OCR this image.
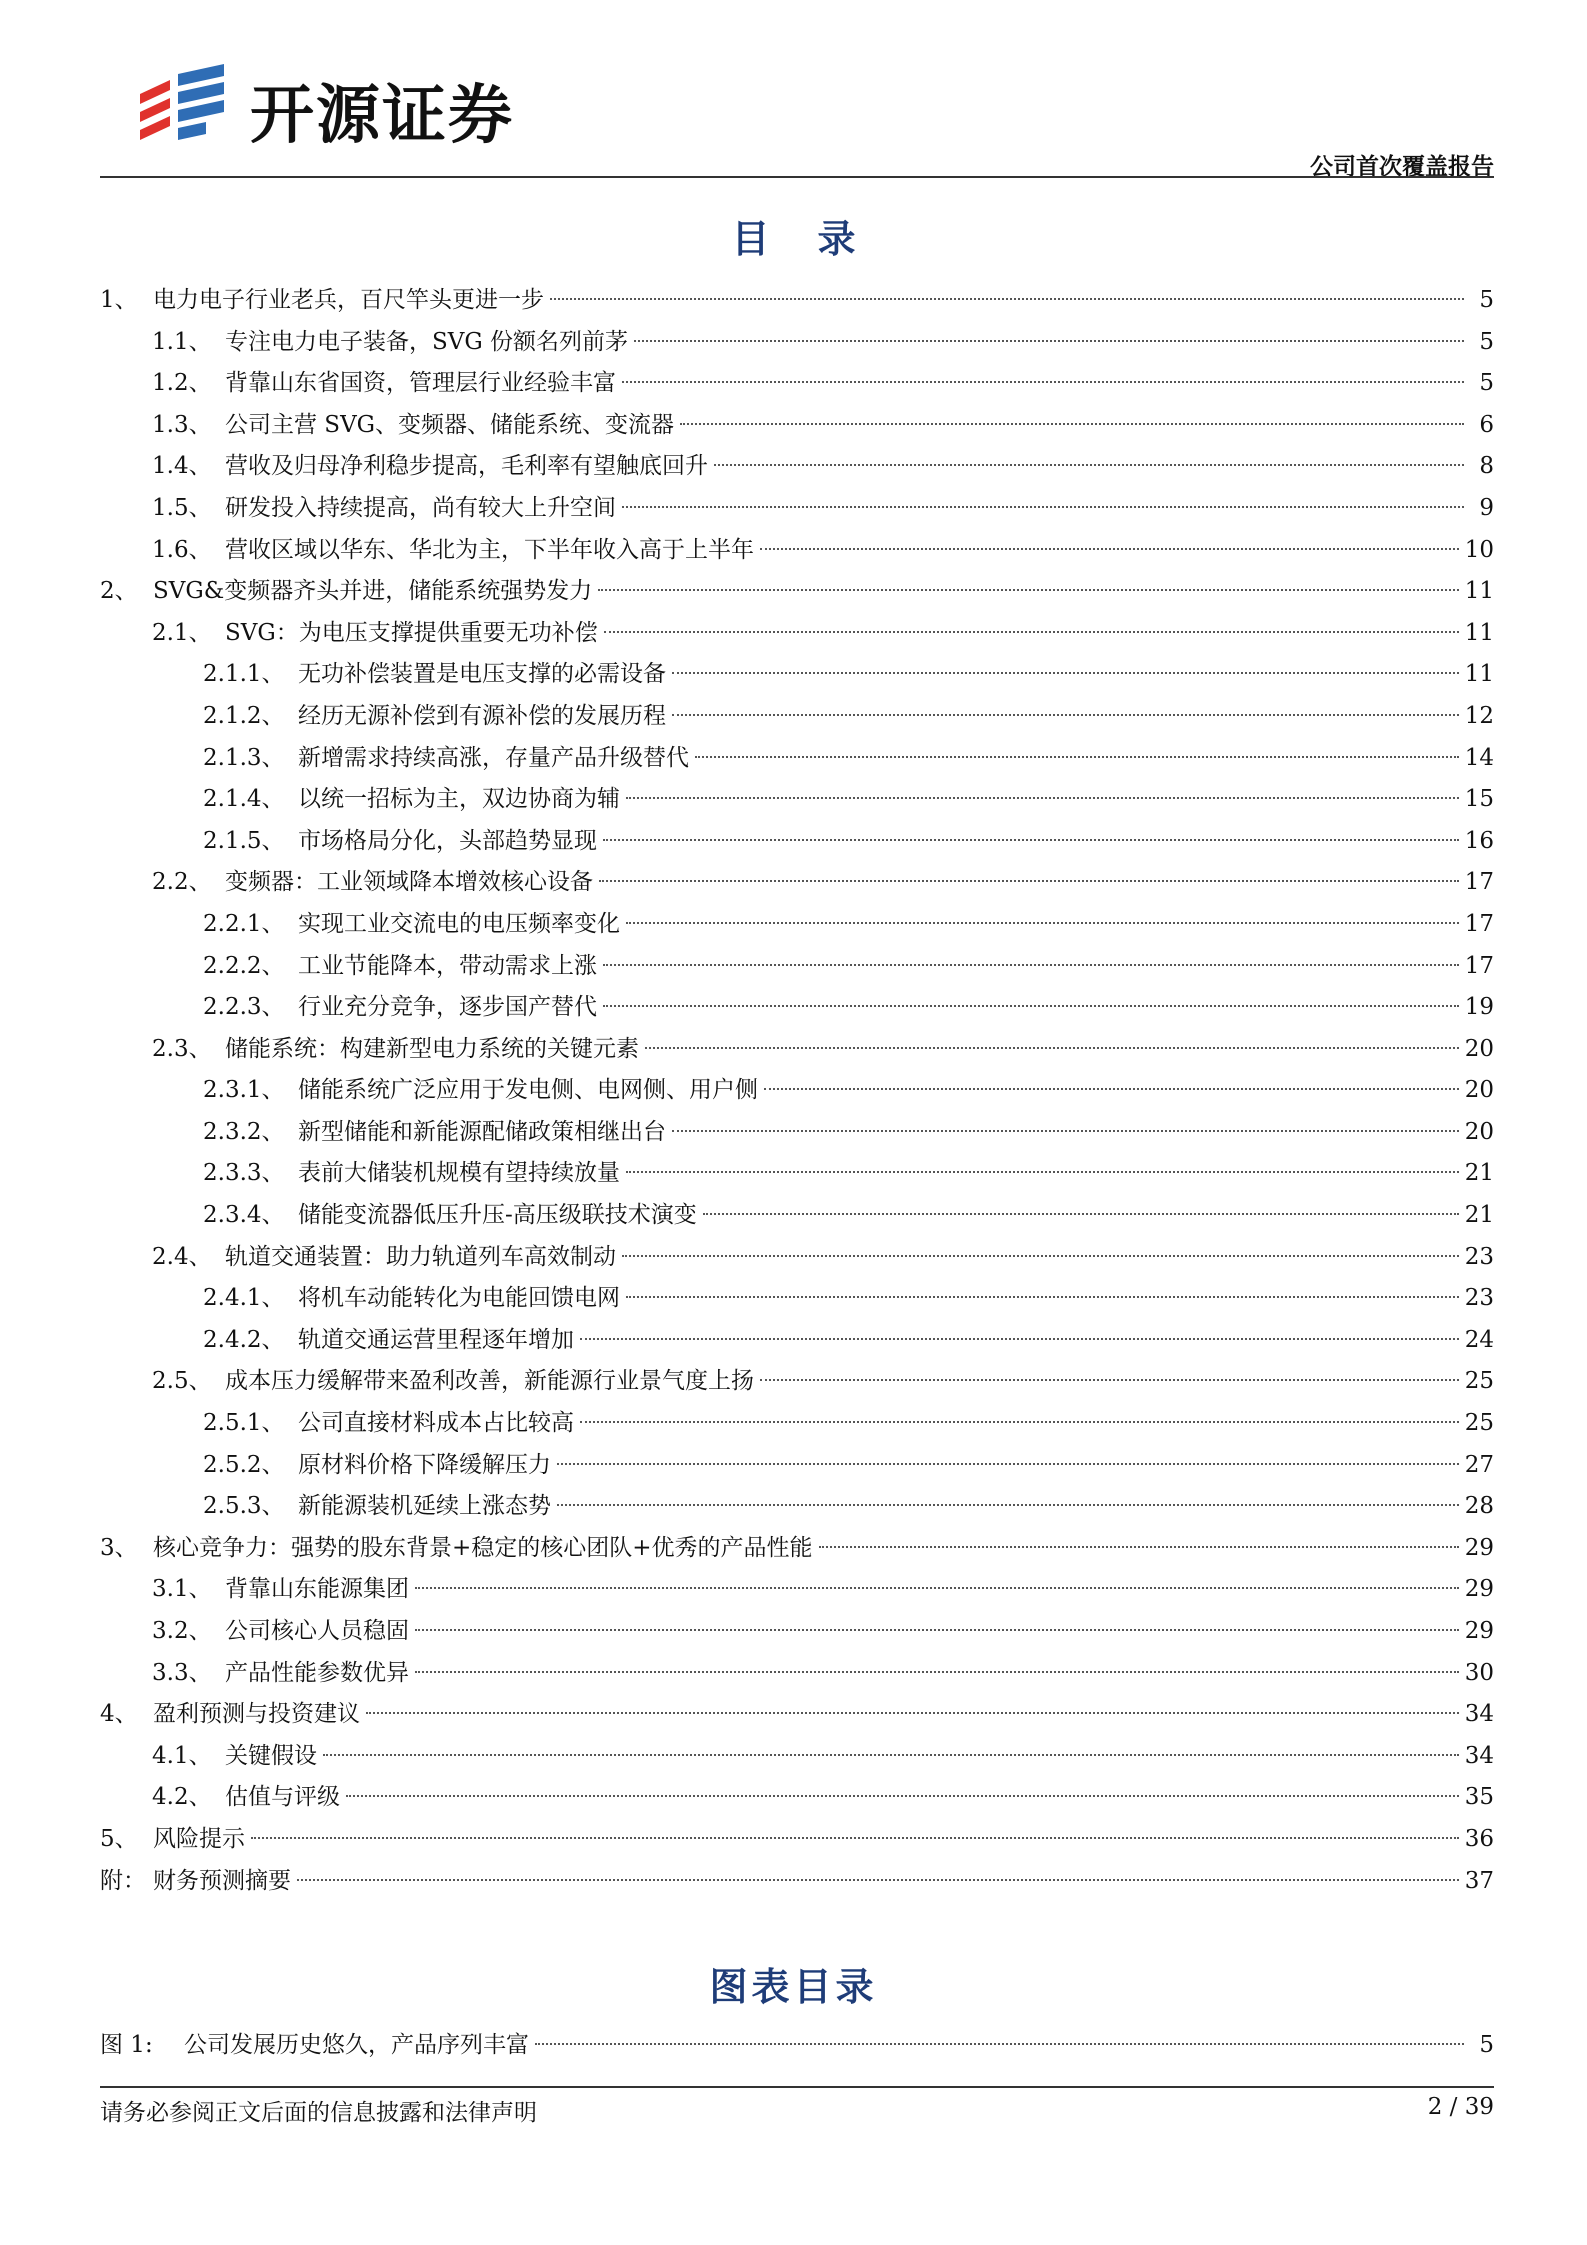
开源证券
公司首次覆盖报告
目录
1、 电力电子行业老兵，百尺竿头更进一步	5
1.1、 专注电力电子装备，SVG 份额名列前茅	5
1.2、 背靠山东省国资，管理层行业经验丰富	5
1.3、 公司主营 SVG、变频器、储能系统、变流器	6
1.4、 营收及归母净利稳步提高，毛利率有望触底回升	8
1.5、 研发投入持续提高，尚有较大上升空间	9
1.6、 营收区域以华东、华北为主，下半年收入高于上半年	10
2、 SVG&变频器齐头并进，储能系统强势发力	11
2.1、 SVG：为电压支撑提供重要无功补偿	11
2.1.1、 无功补偿装置是电压支撑的必需设备	11
2.1.2、 经历无源补偿到有源补偿的发展历程	12
2.1.3、 新增需求持续高涨，存量产品升级替代	14
2.1.4、 以统一招标为主，双边协商为辅	15
2.1.5、 市场格局分化，头部趋势显现	16
2.2、 变频器：工业领域降本增效核心设备	17
2.2.1、 实现工业交流电的电压频率变化	17
2.2.2、 工业节能降本，带动需求上涨	17
2.2.3、 行业充分竞争，逐步国产替代	19
2.3、 储能系统：构建新型电力系统的关键元素	20
2.3.1、 储能系统广泛应用于发电侧、电网侧、用户侧	20
2.3.2、 新型储能和新能源配储政策相继出台	20
2.3.3、 表前大储装机规模有望持续放量	21
2.3.4、 储能变流器低压升压-高压级联技术演变	21
2.4、 轨道交通装置：助力轨道列车高效制动	23
2.4.1、 将机车动能转化为电能回馈电网	23
2.4.2、 轨道交通运营里程逐年增加	24
2.5、 成本压力缓解带来盈利改善，新能源行业景气度上扬	25
2.5.1、 公司直接材料成本占比较高	25
2.5.2、 原材料价格下降缓解压力	27
2.5.3、 新能源装机延续上涨态势	28
3、 核心竞争力：强势的股东背景+稳定的核心团队+优秀的产品性能	29
3.1、 背靠山东能源集团	29
3.2、 公司核心人员稳固	29
3.3、 产品性能参数优异	30
4、 盈利预测与投资建议	34
4.1、 关键假设	34
4.2、 估值与评级	35
5、 风险提示	36
附： 财务预测摘要	37
图表目录
图 1:	公司发展历史悠久，产品序列丰富	5
请务必参阅正文后面的信息披露和法律声明	2 / 39
